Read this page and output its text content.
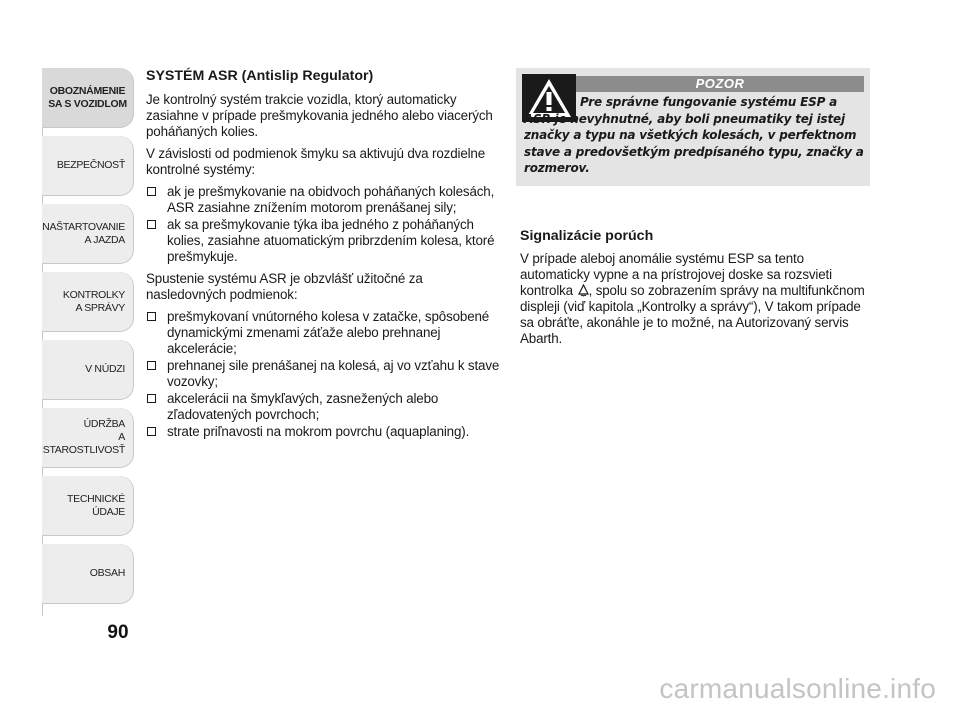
OBOZNÁMENIE
SA S VOZIDLOM
BEZPEČNOSŤ
NAŠTARTOVANIE
A JAZDA
KONTROLKY
A SPRÁVY
V NÚDZI
ÚDRŽBA
A STAROSTLIVOSŤ
TECHNICKÉ
ÚDAJE
OBSAH
90
SYSTÉM ASR (Antislip Regulator)

Je kontrolný systém trakcie vozidla, ktorý automaticky zasiahne v prípade prešmykovania jedného alebo viacerých poháňaných kolies.

V závislosti od podmienok šmyku sa aktivujú dva rozdielne kontrolné systémy:

ak je prešmykovanie na obidvoch poháňaných kolesách, ASR zasiahne znížením motorom prenášanej sily;
ak sa prešmykovanie týka iba jedného z poháňaných kolies, zasiahne atuomatickým pribrzdením kolesa, ktoré prešmykuje.

Spustenie systému ASR je obzvlášť užitočné za nasledovných podmienok:

prešmykovaní vnútorného kolesa v zatačke, spôsobené dynamickými zmenami záťaže alebo prehnanej akcelerácie;
prehnanej sile prenášanej na kolesá, aj vo vzťahu k stave vozovky;
akcelerácii na šmykľavých, zasnežených alebo zľadovatených povrchoch;
strate priľnavosti na mokrom povrchu (aquaplaning).
POZOR
Pre správne fungovanie systému ESP a ASR je nevyhnutné, aby boli pneumatiky tej istej značky a typu na všetkých kolesách, v perfektnom stave a predovšetkým predpísaného typu, značky a rozmerov.
Signalizácie porúch

V prípade aleboj anomálie systému ESP sa tento automaticky vypne a na prístrojovej doske sa rozsvieti kontrolka , spolu so zobrazením správy na multifunkčnom displeji (viď kapitola „Kontrolky a správy“), V takom prípade sa obráťte, akonáhle je to možné, na Autorizovaný servis Abarth.

carmanualsonline.info
